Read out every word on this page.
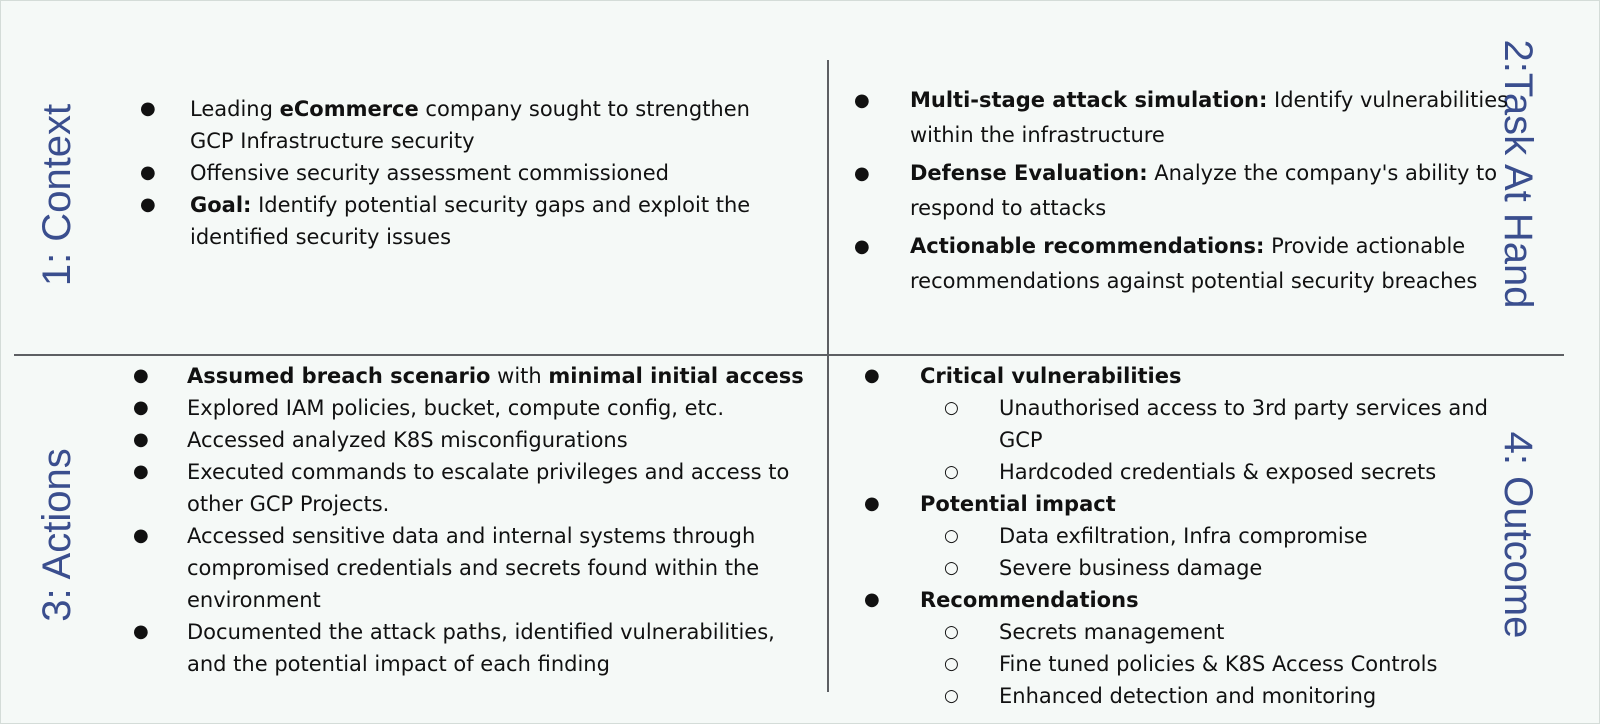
1: Context	2:Task At Hand
3: Actions	4: Outcome
● Leading eCommerce company sought to strengthen GCP Infrastructure security
● Offensive security assessment commissioned
● Goal: Identify potential security gaps and exploit the identified security issues
● Multi-stage attack simulation: Identify vulnerabilities within the infrastructure
● Defense Evaluation: Analyze the company's ability to respond to attacks
● Actionable recommendations: Provide actionable recommendations against potential security breaches
● Assumed breach scenario with minimal initial access
● Explored IAM policies, bucket, compute config, etc.
● Accessed analyzed K8S misconfigurations
● Executed commands to escalate privileges and access to other GCP Projects.
● Accessed sensitive data and internal systems through compromised credentials and secrets found within the environment
● Documented the attack paths, identified vulnerabilities, and the potential impact of each finding
● Critical vulnerabilities
○ Unauthorised access to 3rd party services and GCP
○ Hardcoded credentials & exposed secrets
● Potential impact
○ Data exfiltration, Infra compromise
○ Severe business damage
● Recommendations
○ Secrets management
○ Fine tuned policies & K8S Access Controls
○ Enhanced detection and monitoring
